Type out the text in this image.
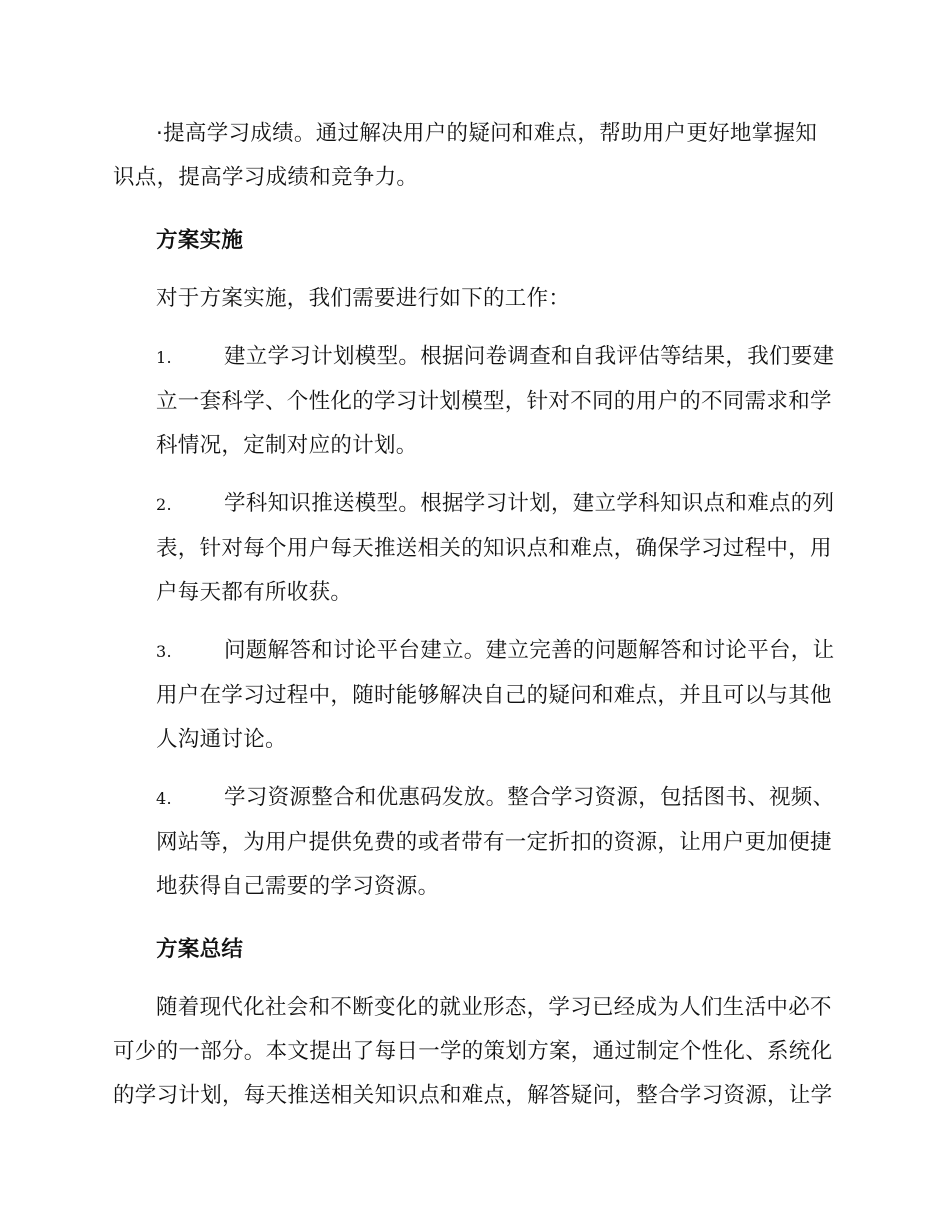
·提高学习成绩。通过解决用户的疑问和难点，帮助用户更好地掌握知识点，提高学习成绩和竞争力。

方案实施

对于方案实施，我们需要进行如下的工作：

1. 建立学习计划模型。根据问卷调查和自我评估等结果，我们要建立一套科学、个性化的学习计划模型，针对不同的用户的不同需求和学科情况，定制对应的计划。

2. 学科知识推送模型。根据学习计划，建立学科知识点和难点的列表，针对每个用户每天推送相关的知识点和难点，确保学习过程中，用户每天都有所收获。

3. 问题解答和讨论平台建立。建立完善的问题解答和讨论平台，让用户在学习过程中，随时能够解决自己的疑问和难点，并且可以与其他人沟通讨论。

4. 学习资源整合和优惠码发放。整合学习资源，包括图书、视频、网站等，为用户提供免费的或者带有一定折扣的资源，让用户更加便捷地获得自己需要的学习资源。

方案总结

随着现代化社会和不断变化的就业形态，学习已经成为人们生活中必不可少的一部分。本文提出了每日一学的策划方案，通过制定个性化、系统化的学习计划，每天推送相关知识点和难点，解答疑问，整合学习资源，让学
